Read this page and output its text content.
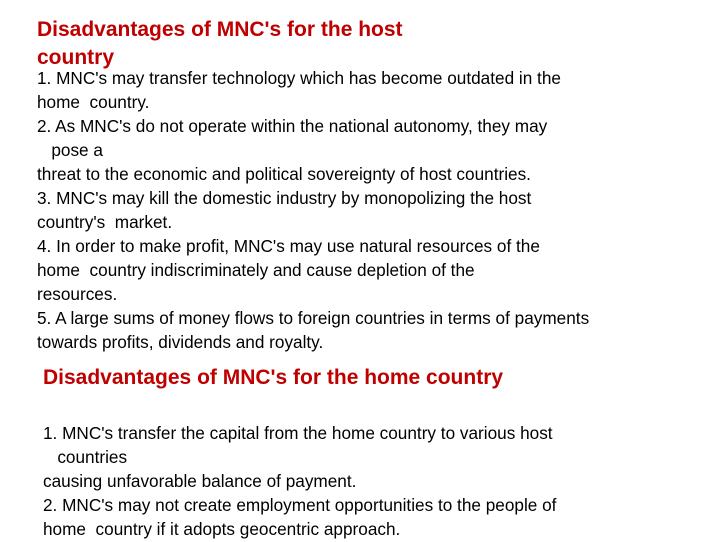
Disadvantages of MNC's for the host country
1. MNC's may transfer technology which has become outdated in the
home  country.
2. As MNC's do not operate within the national autonomy, they may
pose a
threat to the economic and political sovereignty of host countries.
3. MNC's may kill the domestic industry by monopolizing the host
country's  market.
4. In order to make profit, MNC's may use natural resources of the
home  country indiscriminately and cause depletion of the
resources.
5. A large sums of money flows to foreign countries in terms of payments
towards profits, dividends and royalty.
Disadvantages of MNC's for the home country
1. MNC's transfer the capital from the home country to various host
countries
causing unfavorable balance of payment.
2. MNC's may not create employment opportunities to the people of
home  country if it adopts geocentric approach.
